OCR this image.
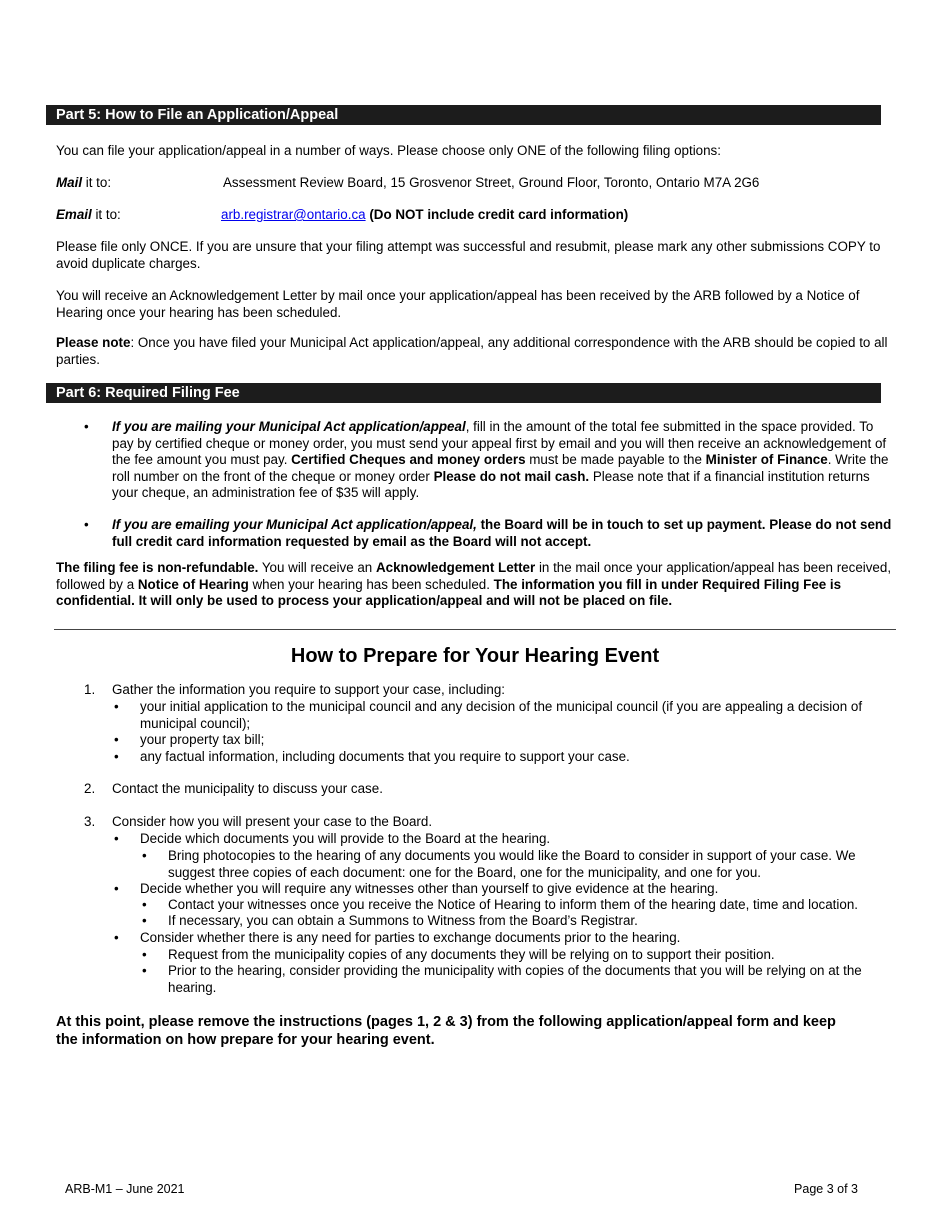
Part 5: How to File an Application/Appeal

You can file your application/appeal in a number of ways. Please choose only ONE of the following filing options:

Mail it to:	Assessment Review Board, 15 Grosvenor Street, Ground Floor, Toronto, Ontario M7A 2G6
Email it to:	arb.registrar@ontario.ca (Do NOT include credit card information)

Please file only ONCE. If you are unsure that your filing attempt was successful and resubmit, please mark any other submissions COPY to avoid duplicate charges.

You will receive an Acknowledgement Letter by mail once your application/appeal has been received by the ARB followed by a Notice of Hearing once your hearing has been scheduled.

Please note: Once you have filed your Municipal Act application/appeal, any additional correspondence with the ARB should be copied to all parties.

Part 6: Required Filing Fee
• If you are mailing your Municipal Act application/appeal, fill in the amount of the total fee submitted in the space provided. To pay by certified cheque or money order, you must send your appeal first by email and you will then receive an acknowledgement of the fee amount you must pay. Certified Cheques and money orders must be made payable to the Minister of Finance. Write the roll number on the front of the cheque or money order Please do not mail cash. Please note that if a financial institution returns your cheque, an administration fee of $35 will apply.

• If you are emailing your Municipal Act application/appeal, the Board will be in touch to set up payment. Please do not send full credit card information requested by email as the Board will not accept.

The filing fee is non-refundable. You will receive an Acknowledgement Letter in the mail once your application/appeal has been received, followed by a Notice of Hearing when your hearing has been scheduled. The information you fill in under Required Filing Fee is confidential. It will only be used to process your application/appeal and will not be placed on file.

How to Prepare for Your Hearing Event
1. Gather the information you require to support your case, including:

• your initial application to the municipal council and any decision of the municipal council (if you are appealing a decision of municipal council);

• your property tax bill;

• any factual information, including documents that you require to support your case.

2. Contact the municipality to discuss your case.

3. Consider how you will present your case to the Board.

• Decide which documents you will provide to the Board at the hearing.

• Bring photocopies to the hearing of any documents you would like the Board to consider in support of your case. We suggest three copies of each document: one for the Board, one for the municipality, and one for you.

• Decide whether you will require any witnesses other than yourself to give evidence at the hearing.

• Contact your witnesses once you receive the Notice of Hearing to inform them of the hearing date, time and location.

• If necessary, you can obtain a Summons to Witness from the Board’s Registrar.

• Consider whether there is any need for parties to exchange documents prior to the hearing.

• Request from the municipality copies of any documents they will be relying on to support their position.

• Prior to the hearing, consider providing the municipality with copies of the documents that you will be relying on at the hearing.

At this point, please remove the instructions (pages 1, 2 & 3) from the following application/appeal form and keep the information on how prepare for your hearing event.

ARB-M1 – June 2021	Page 3 of 3
